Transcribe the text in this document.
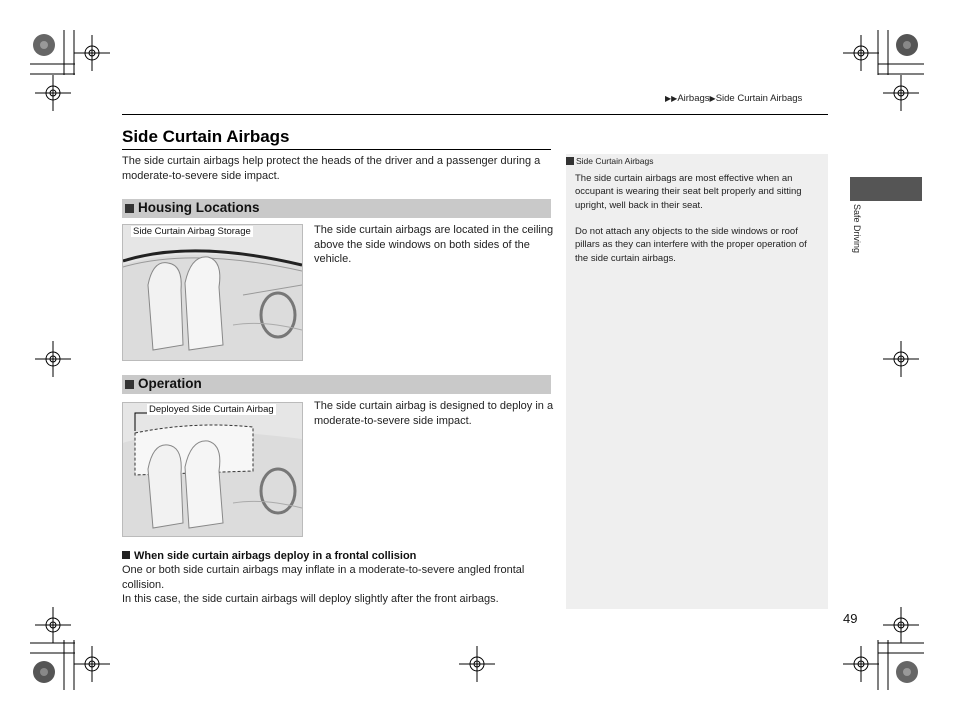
▶▶Airbags▶Side Curtain Airbags
Side Curtain Airbags
The side curtain airbags help protect the heads of the driver and a passenger during a moderate-to-severe side impact.
Housing Locations
Side Curtain Airbag Storage	The side curtain airbags are located in the ceiling above the side windows on both sides of the vehicle.
Operation
Deployed Side Curtain Airbag	The side curtain airbag is designed to deploy in a moderate-to-severe side impact.
When side curtain airbags deploy in a frontal collision
One or both side curtain airbags may inflate in a moderate-to-severe angled frontal collision.
In this case, the side curtain airbags will deploy slightly after the front airbags.
Side Curtain Airbags
The side curtain airbags are most effective when an occupant is wearing their seat belt properly and sitting upright, well back in their seat.
Do not attach any objects to the side windows or roof pillars as they can interfere with the proper operation of the side curtain airbags.
Safe Driving
49
